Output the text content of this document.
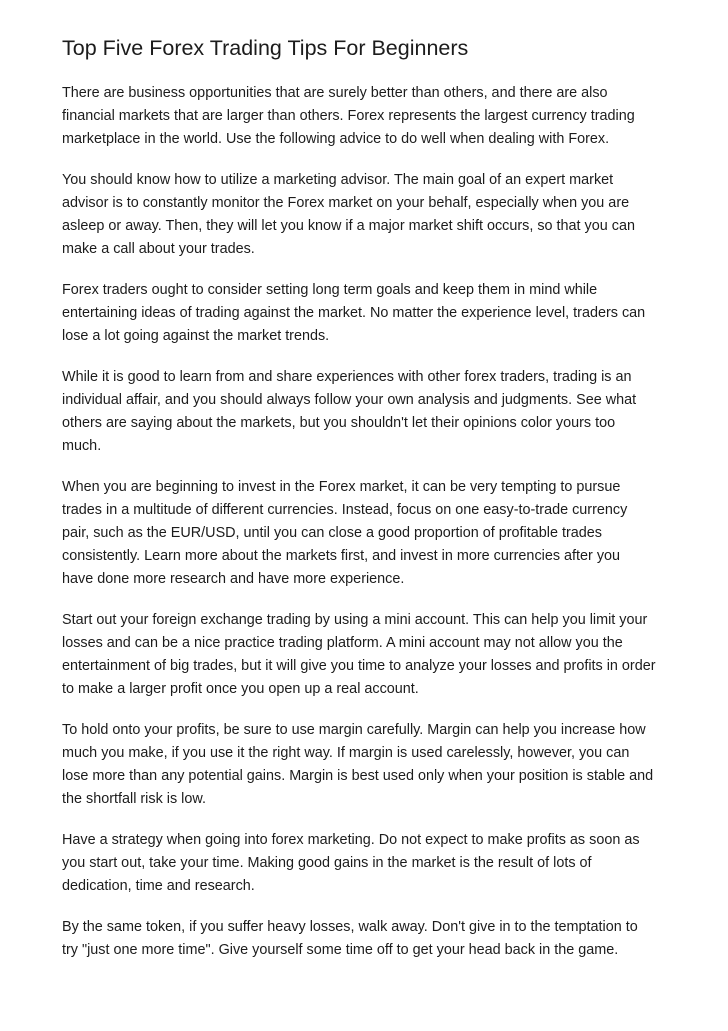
Top Five Forex Trading Tips For Beginners

There are business opportunities that are surely better than others, and there are also
financial markets that are larger than others. Forex represents the largest currency trading
marketplace in the world. Use the following advice to do well when dealing with Forex.

You should know how to utilize a marketing advisor. The main goal of an expert market
advisor is to constantly monitor the Forex market on your behalf, especially when you are
asleep or away. Then, they will let you know if a major market shift occurs, so that you can
make a call about your trades.

Forex traders ought to consider setting long term goals and keep them in mind while
entertaining ideas of trading against the market. No matter the experience level, traders can
lose a lot going against the market trends.

While it is good to learn from and share experiences with other forex traders, trading is an
individual affair, and you should always follow your own analysis and judgments. See what
others are saying about the markets, but you shouldn't let their opinions color yours too
much.

When you are beginning to invest in the Forex market, it can be very tempting to pursue
trades in a multitude of different currencies. Instead, focus on one easy-to-trade currency
pair, such as the EUR/USD, until you can close a good proportion of profitable trades
consistently. Learn more about the markets first, and invest in more currencies after you
have done more research and have more experience.

Start out your foreign exchange trading by using a mini account. This can help you limit your
losses and can be a nice practice trading platform. A mini account may not allow you the
entertainment of big trades, but it will give you time to analyze your losses and profits in order
to make a larger profit once you open up a real account.

To hold onto your profits, be sure to use margin carefully. Margin can help you increase how
much you make, if you use it the right way. If margin is used carelessly, however, you can
lose more than any potential gains. Margin is best used only when your position is stable and
the shortfall risk is low.

Have a strategy when going into forex marketing. Do not expect to make profits as soon as
you start out, take your time. Making good gains in the market is the result of lots of
dedication, time and research.

By the same token, if you suffer heavy losses, walk away. Don't give in to the temptation to
try "just one more time". Give yourself some time off to get your head back in the game.
